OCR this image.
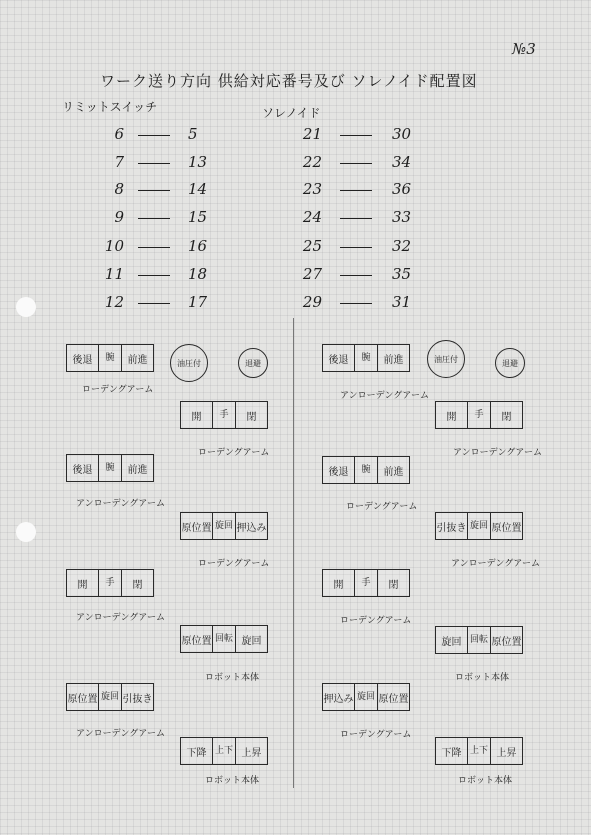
№3
ワーク送り方向 供給対応番号及び ソレノイド配置図
リミットスイッチ	ソレノイド
6	5
7	13
8	14
9	15
10	16
11	18
12	17
21	30
22	34
23	36
24	33
25	32
27	35
29	31
油圧付	退避	油圧付	退避
後退	腕	前進
ローデングアーム
開	手	閉
ローデングアーム
後退	腕	前進
アンローデングアーム
原位置 旋回 押込み
ローデングアーム
開	手	閉
アンローデングアーム
原位置 回転 旋回
ロボット本体
原位置 旋回 引抜き
アンローデングアーム
下降 上下 上昇
ロボット本体
後退	腕	前進
アンローデングアーム
開	手	閉
アンローデングアーム
後退	腕	前進
ローデングアーム
引抜き 旋回 原位置
アンローデングアーム
開	手	閉
ローデングアーム
旋回 回転 原位置
ロボット本体
押込み 旋回 原位置
ローデングアーム
下降 上下 上昇
ロボット本体
